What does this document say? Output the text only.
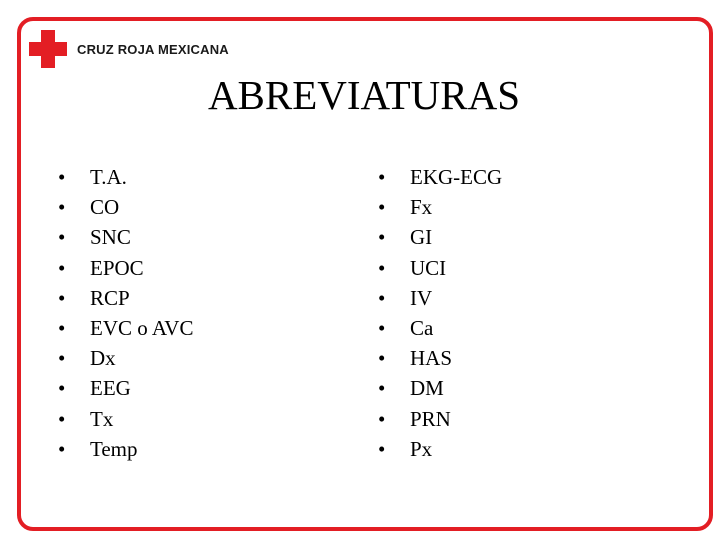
CRUZ ROJA MEXICANA
ABREVIATURAS
• T.A.
• CO
• SNC
• EPOC
• RCP
• EVC o AVC
• Dx
• EEG
• Tx
• Temp
• EKG-ECG
• Fx
• GI
• UCI
• IV
• Ca
• HAS
• DM
• PRN
• Px
